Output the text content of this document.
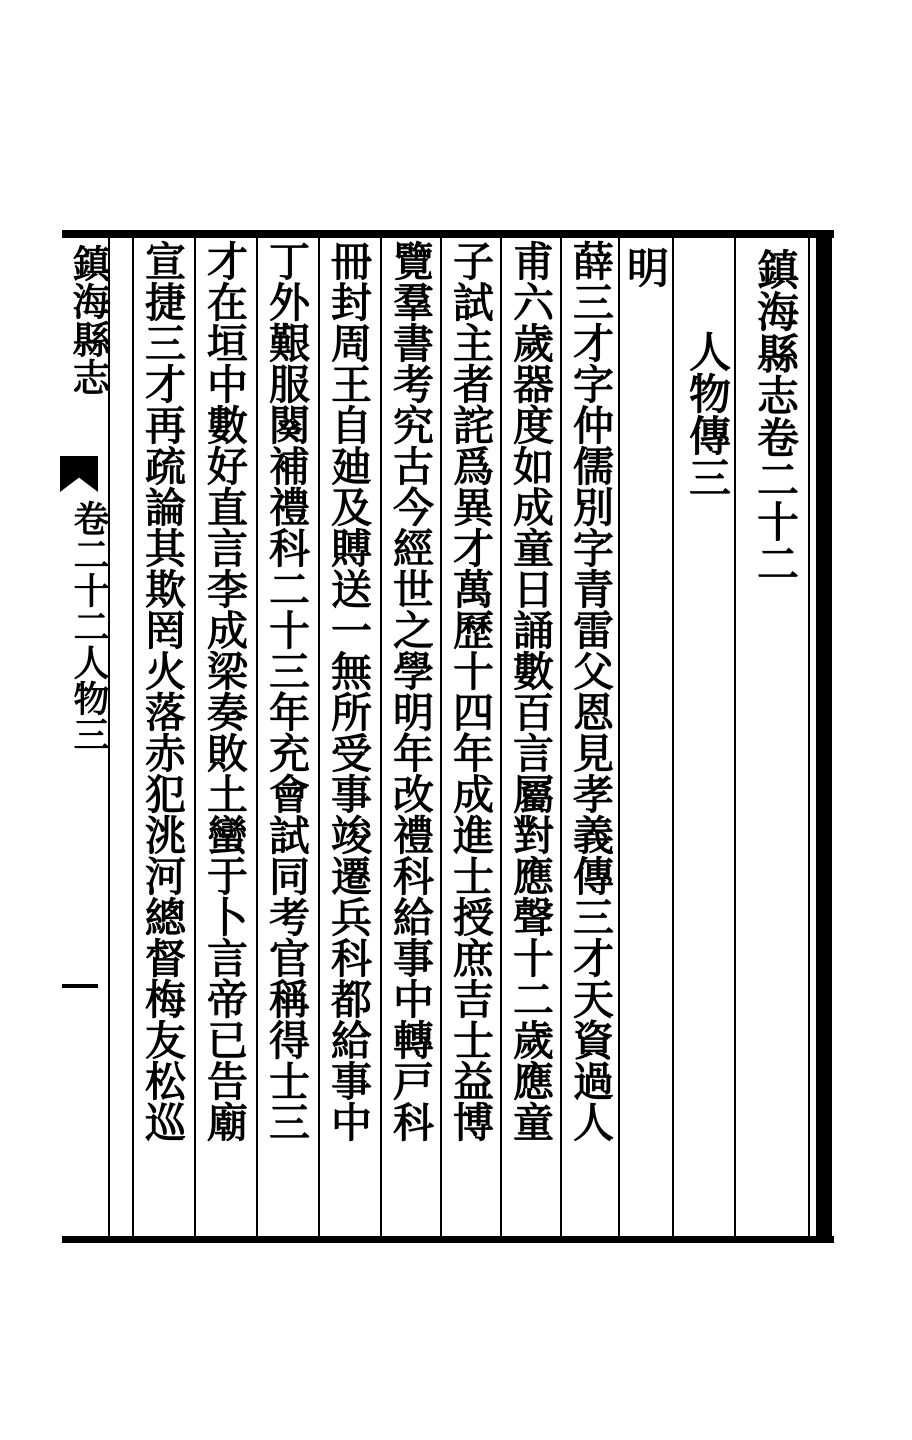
鎮海縣志卷二十二
人物傳三
明
薛三才字仲儒別字青雷父恩見孝義傳三才天資過人
甫六歲器度如成童日誦數百言屬對應聲十二歲應童
子試主者詫爲異才萬歷十四年成進士授庶吉士益博
覽羣書考究古今經世之學明年改禮科給事中轉戸科
冊封周王自廸及賻送一無所受事竣遷兵科都給事中
丁外艱服闋補禮科二十三年充會試同考官稱得士三
才在垣中數好直言李成梁奏敗土蠻于卜言帝已告廟
宣捷三才再疏論其欺罔火落赤犯洮河總督梅友松巡
鎮海縣志
卷二十二人物三
